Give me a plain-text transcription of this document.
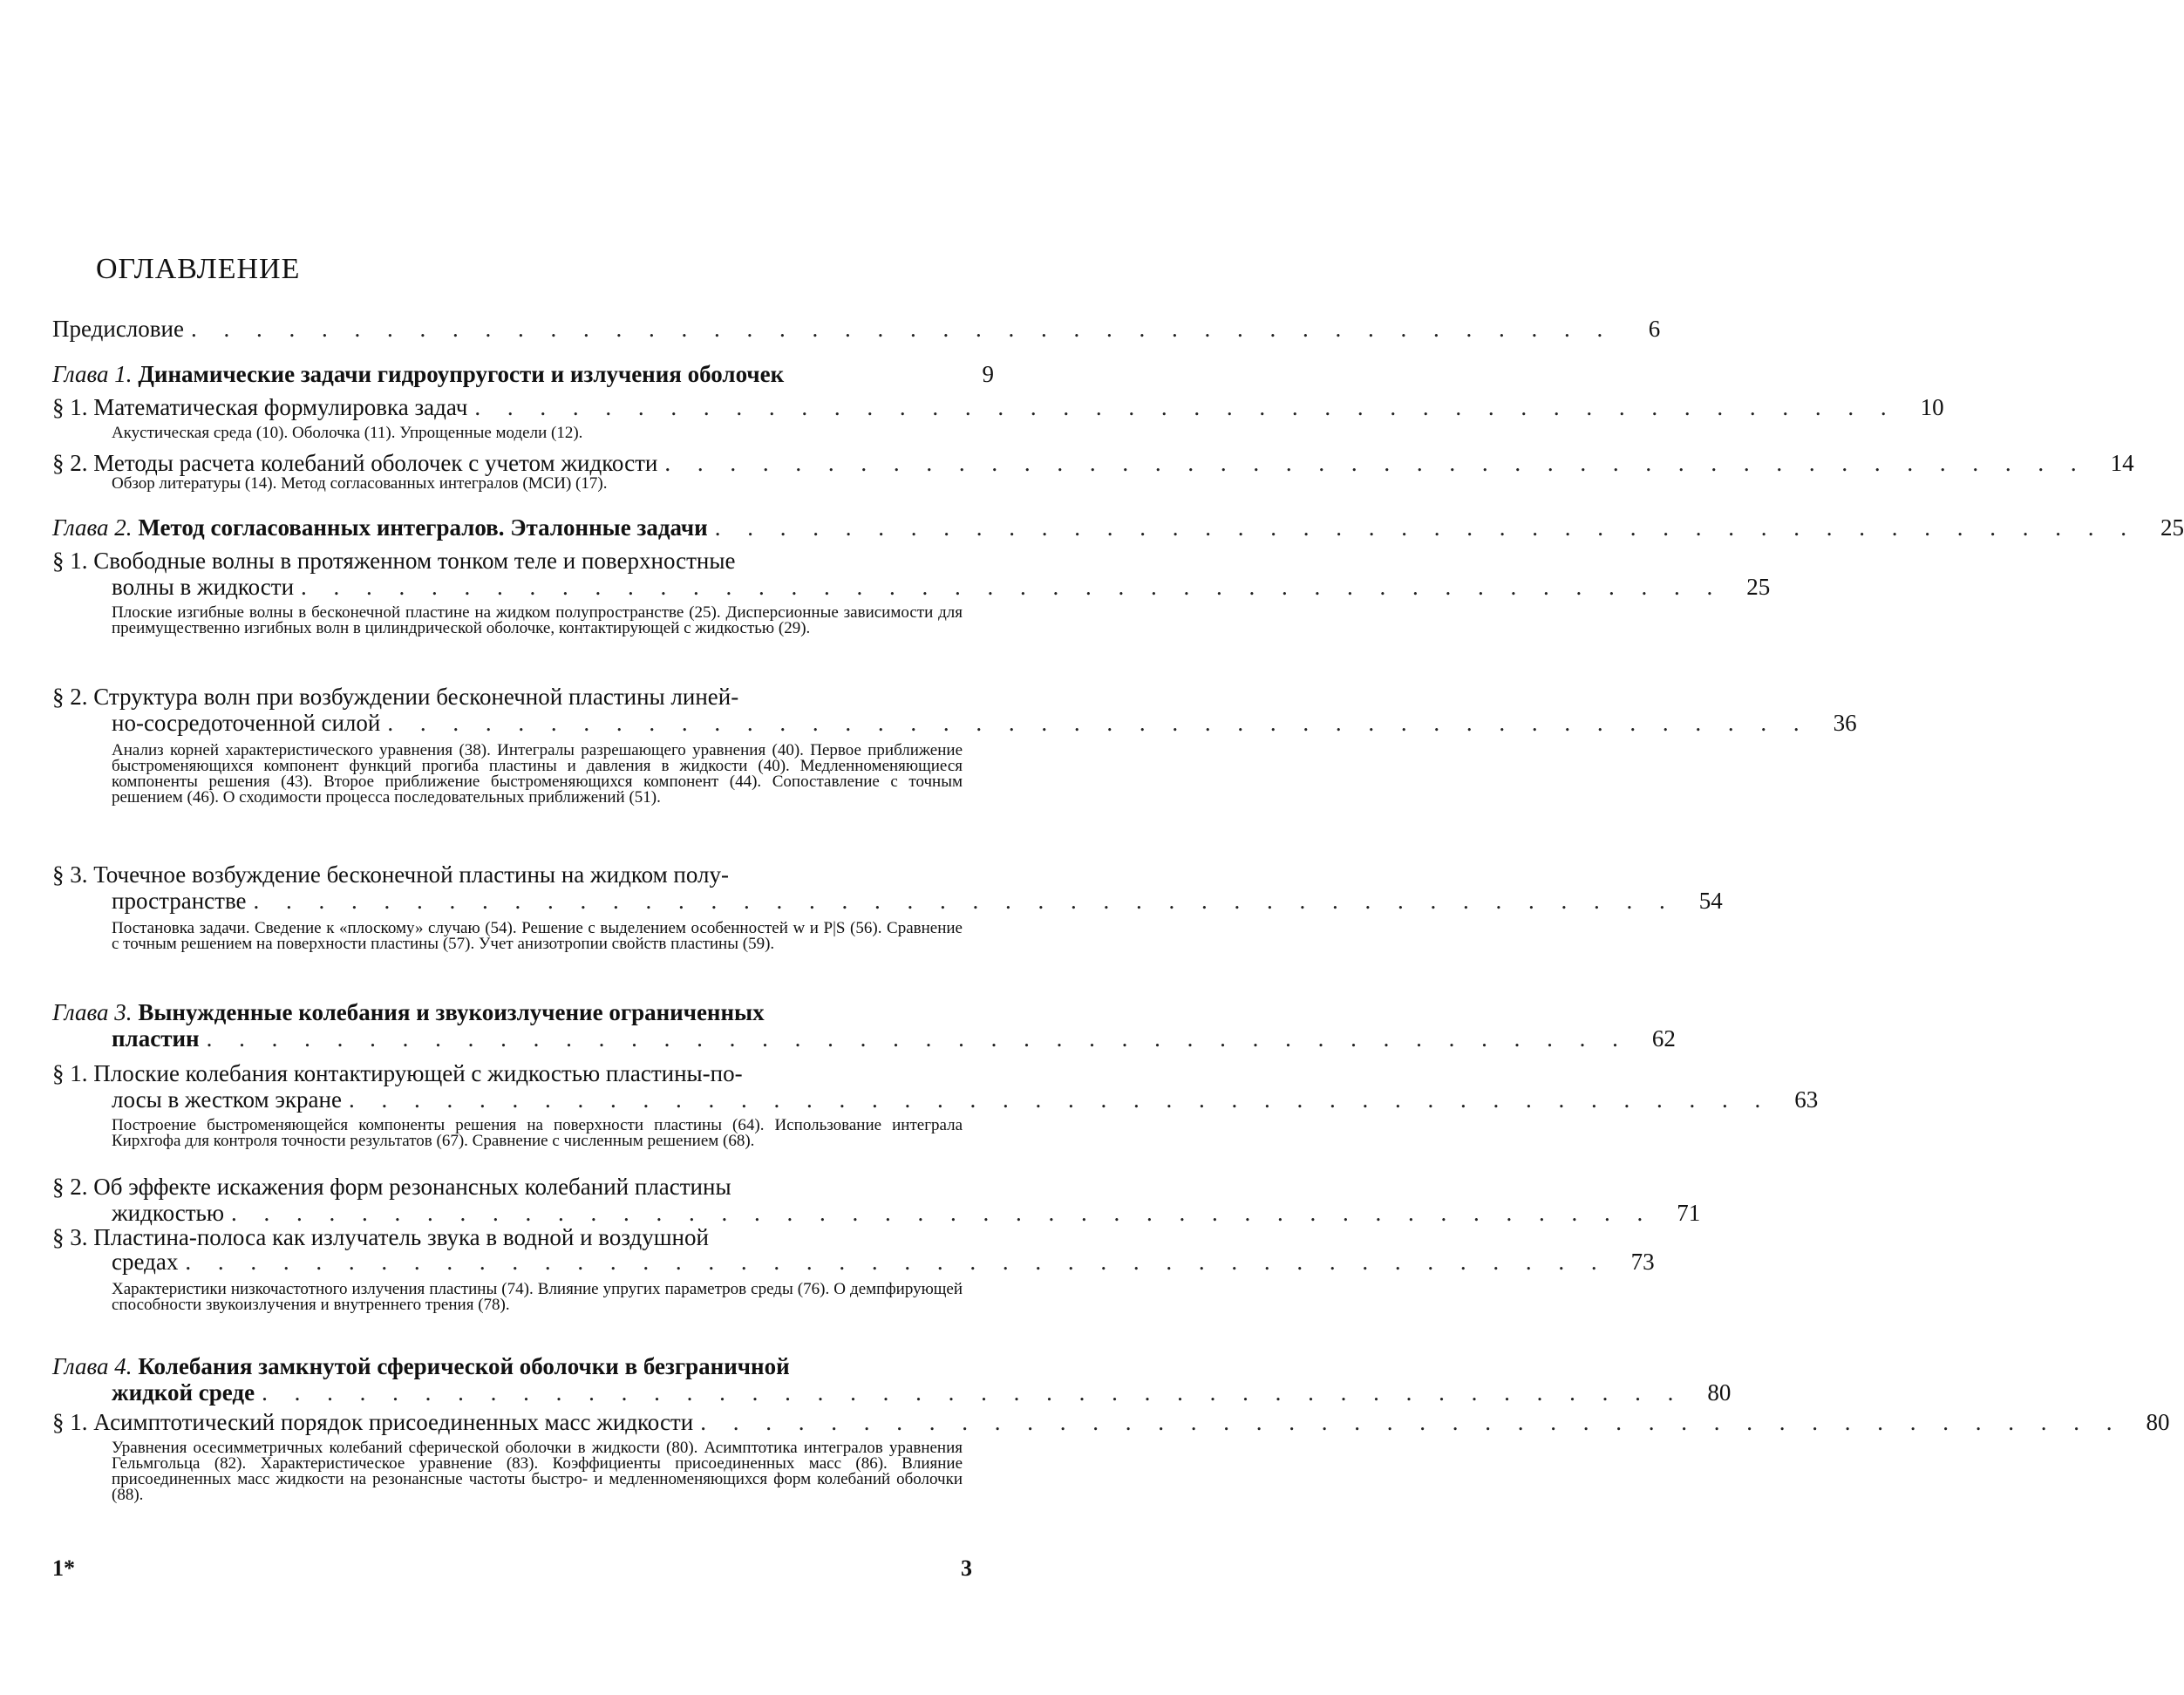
ОГЛАВЛЕНИЕ
Предисловие . . .	6
Глава 1. Динамические задачи гидроупругости и излучения оболочек	9
§ 1. Математическая формулировка задач . . .	10
Акустическая среда (10). Оболочка (11). Упрощенные модели (12).
§ 2. Методы расчета колебаний оболочек с учетом жидкости . . .	14
Обзор литературы (14). Метод согласованных интегралов (МСИ) (17).
Глава 2. Метод согласованных интегралов. Эталонные задачи . . .	25
§ 1. Свободные волны в протяженном тонком теле и поверхностные
волны в жидкости . . .	25
Плоские изгибные волны в бесконечной пластине на жидком полупространстве (25). Дисперсионные зависимости для преимущественно изгибных волн в цилиндрической оболочке, контактирующей с жидкостью (29).
§ 2. Структура волн при возбуждении бесконечной пластины линей-
но-сосредоточенной силой . . .	36
Анализ корней характеристического уравнения (38). Интегралы разрешающего уравнения (40). Первое приближение быстроменяющихся компонент функций прогиба пластины и давления в жидкости (40). Медленноменяющиеся компоненты решения (43). Второе приближение быстроменяющихся компонент (44). Сопоставление с точным решением (46). О сходимости процесса последовательных приближений (51).
§ 3. Точечное возбуждение бесконечной пластины на жидком полу-
пространстве . . .	54
Постановка задачи. Сведение к «плоскому» случаю (54). Решение с выделением особенностей w и P|S (56). Сравнение с точным решением на поверхности пластины (57). Учет анизотропии свойств пластины (59).
Глава 3. Вынужденные колебания и звукоизлучение ограниченных
пластин . . .	62
§ 1. Плоские колебания контактирующей с жидкостью пластины-по-
лосы в жестком экране . . .	63
Построение быстроменяющейся компоненты решения на поверхности пластины (64). Использование интеграла Кирхгофа для контроля точности результатов (67). Сравнение с численным решением (68).
§ 2. Об эффекте искажения форм резонансных колебаний пластины
жидкостью . . .	71
§ 3. Пластина-полоса как излучатель звука в водной и воздушной
средах . . .	73
Характеристики низкочастотного излучения пластины (74). Влияние упругих параметров среды (76). О демпфирующей способности звукоизлучения и внутреннего трения (78).
Глава 4. Колебания замкнутой сферической оболочки в безграничной
жидкой среде . . .	80
§ 1. Асимптотический порядок присоединенных масс жидкости . . .	80
Уравнения осесимметричных колебаний сферической оболочки в жидкости (80). Асимптотика интегралов уравнения Гельмгольца (82). Характеристическое уравнение (83). Коэффициенты присоединенных масс (86). Влияние присоединенных масс жидкости на резонансные частоты быстро- и медленноменяющихся форм колебаний оболочки (88).
1*	3
